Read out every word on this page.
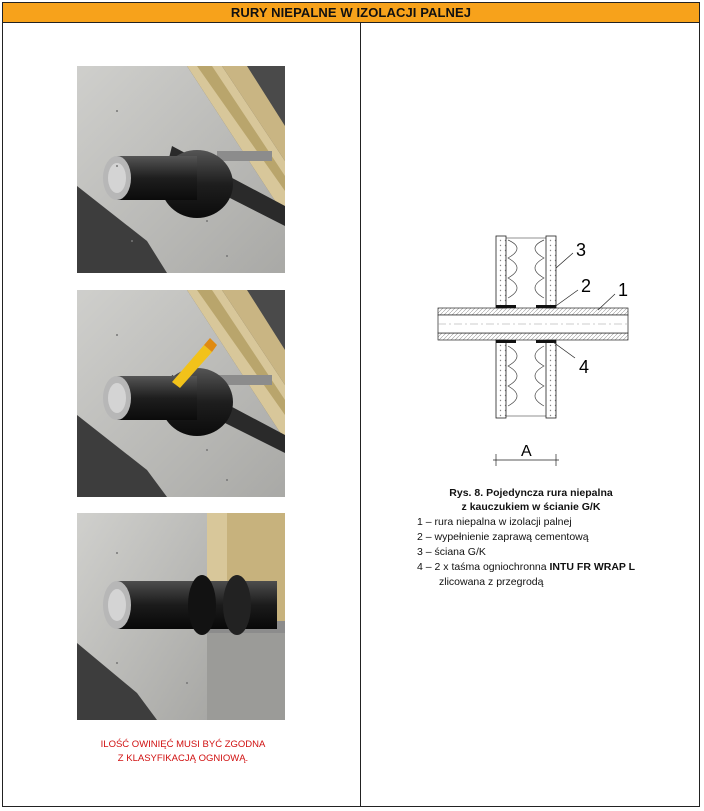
RURY NIEPALNE W IZOLACJI PALNEJ
ILOŚĆ OWINIĘĆ MUSI BYĆ ZGODNA
Z KLASYFIKACJĄ OGNIOWĄ.
3
2 1
4
A
Rys. 8. Pojedyncza rura niepalna
z kauczukiem w ścianie G/K
1 – rura niepalna w izolacji palnej
2 – wypełnienie zaprawą cementową
3 – ściana G/K
4 – 2 x taśma ogniochronna INTU FR WRAP L
zlicowana z przegrodą
